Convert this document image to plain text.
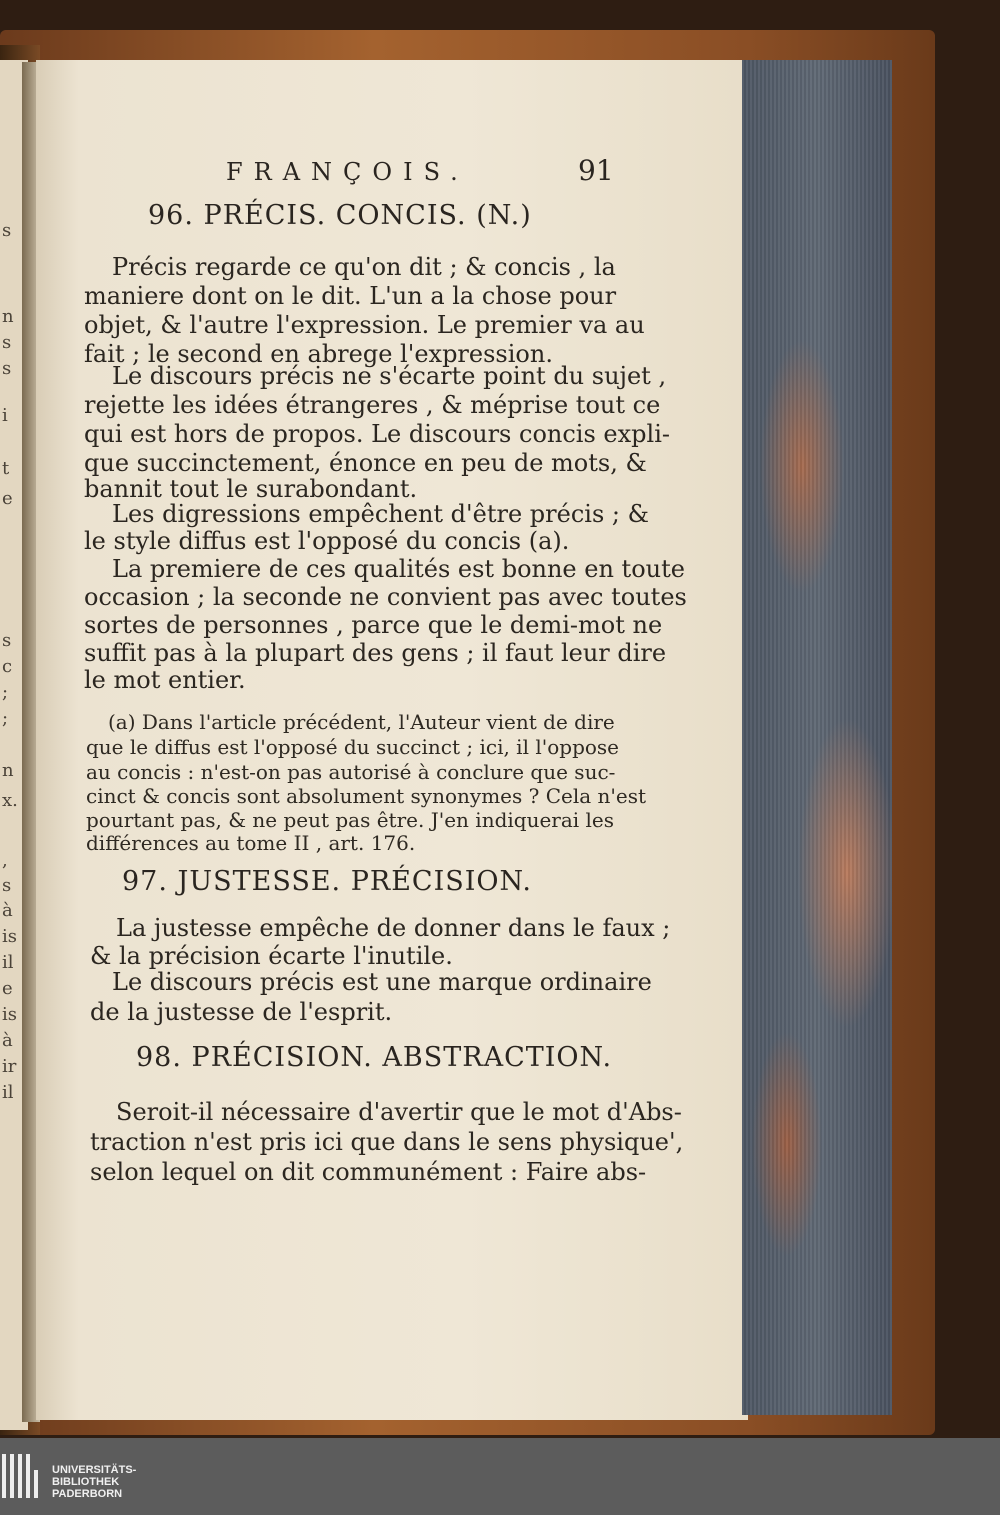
s
n
s
s
i
t
e
s
c
;
;
n
x.
,
s
à
is
il
e
is
à
ir
il
FRANÇOIS.	91
96. PRÉCIS. CONCIS. (N.)
Précis regarde ce qu'on dit ; & concis , la
maniere dont on le dit. L'un a la chose pour
objet, & l'autre l'expression. Le premier va au
fait ; le second en abrege l'expression.
Le discours précis ne s'écarte point du sujet ,
rejette les idées étrangeres , & méprise tout ce
qui est hors de propos. Le discours concis expli-
que succinctement, énonce en peu de mots, &
bannit tout le surabondant.
Les digressions empêchent d'être précis ; &
le style diffus est l'opposé du concis (a).
La premiere de ces qualités est bonne en toute
occasion ; la seconde ne convient pas avec toutes
sortes de personnes , parce que le demi-mot ne
suffit pas à la plupart des gens ; il faut leur dire
le mot entier.
(a) Dans l'article précédent, l'Auteur vient de dire
que le diffus est l'opposé du succinct ; ici, il l'oppose
au concis : n'est-on pas autorisé à conclure que suc-
cinct & concis sont absolument synonymes ? Cela n'est
pourtant pas, & ne peut pas être. J'en indiquerai les
différences au tome II , art. 176.
97. JUSTESSE. PRÉCISION.
La justesse empêche de donner dans le faux ;
& la précision écarte l'inutile.
Le discours précis est une marque ordinaire
de la justesse de l'esprit.
98. PRÉCISION. ABSTRACTION.
Seroit-il nécessaire d'avertir que le mot d'Abs-
traction n'est pris ici que dans le sens physique',
selon lequel on dit communément : Faire abs-
UNIVERSITÄTS-
BIBLIOTHEK
PADERBORN
